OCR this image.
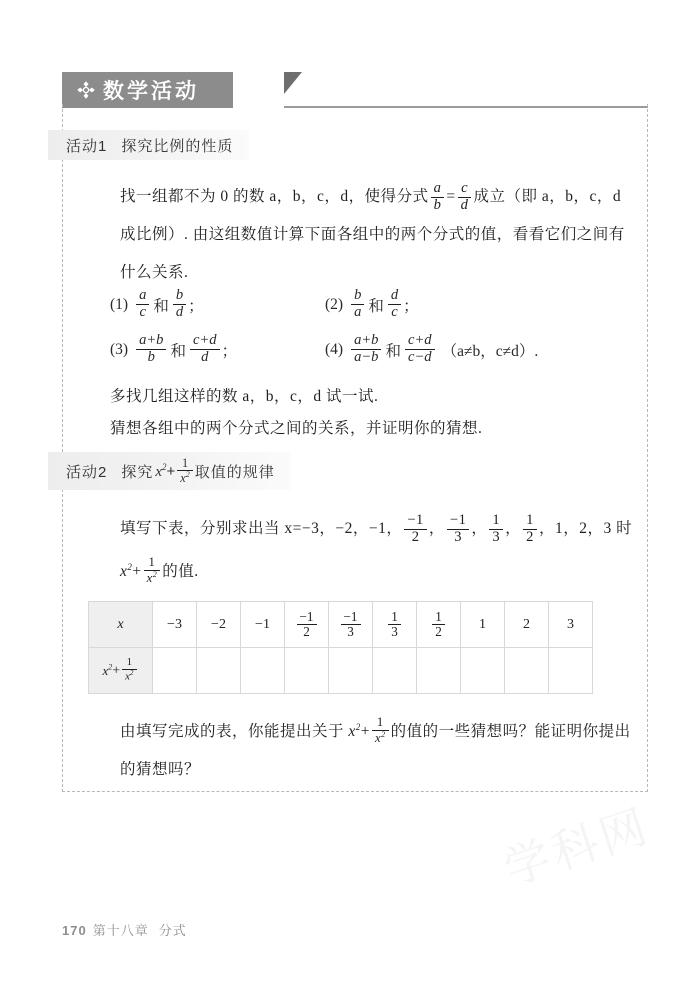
学科网
数学活动
活动1 探究比例的性质
找一组都不为 0 的数 a，b，c，d，使得分式 $\frac{a}{b} = \frac{c}{d}$ 成立（即 a，b，c，d 成比例）. 由这组数值计算下面各组中的两个分式的值，看看它们之间有什么关系.
$(1) \frac{a}{c}$ 和 $\frac{b}{d}$ ；	$(2) \frac{b}{a}$ 和 $\frac{d}{c}$ ；
$(3) \frac{a+b}{b}$ 和 $\frac{c+d}{d}$ ；	$(4) \frac{a+b}{a-b}$ 和 $\frac{c+d}{c-d} (a\ne b$，c≠d）.
多找几组这样的数 a，b，c，d 试一试.
猜想各组中的两个分式之间的关系，并证明你的猜想.
活动2 探究 $x^2 + \frac{1}{x^2}$ 取值的规律
填写下表，分别求出当 x=−3，−2，−1， $\frac{-1}{2}$ ， $\frac{-1}{3}$ ， $\frac{1}{3}$ ， $\frac{1}{2}$ ，1，2，3 时 $x^2+ \frac{1}{x^2}$ 的值.
x	−3	−2	−1	$\frac{-1}{2}$	$\frac{-1}{3}$	$\frac{1}{3}$	$\frac{1}{2}$	1	2	3
$x^2+ \frac{1}{x^2}$

由填写完成的表，你能提出关于 $x^2+ \frac{1}{x^2}$ 的值的一些猜想吗？能证明你提出的猜想吗？
170 第十八章 分式
